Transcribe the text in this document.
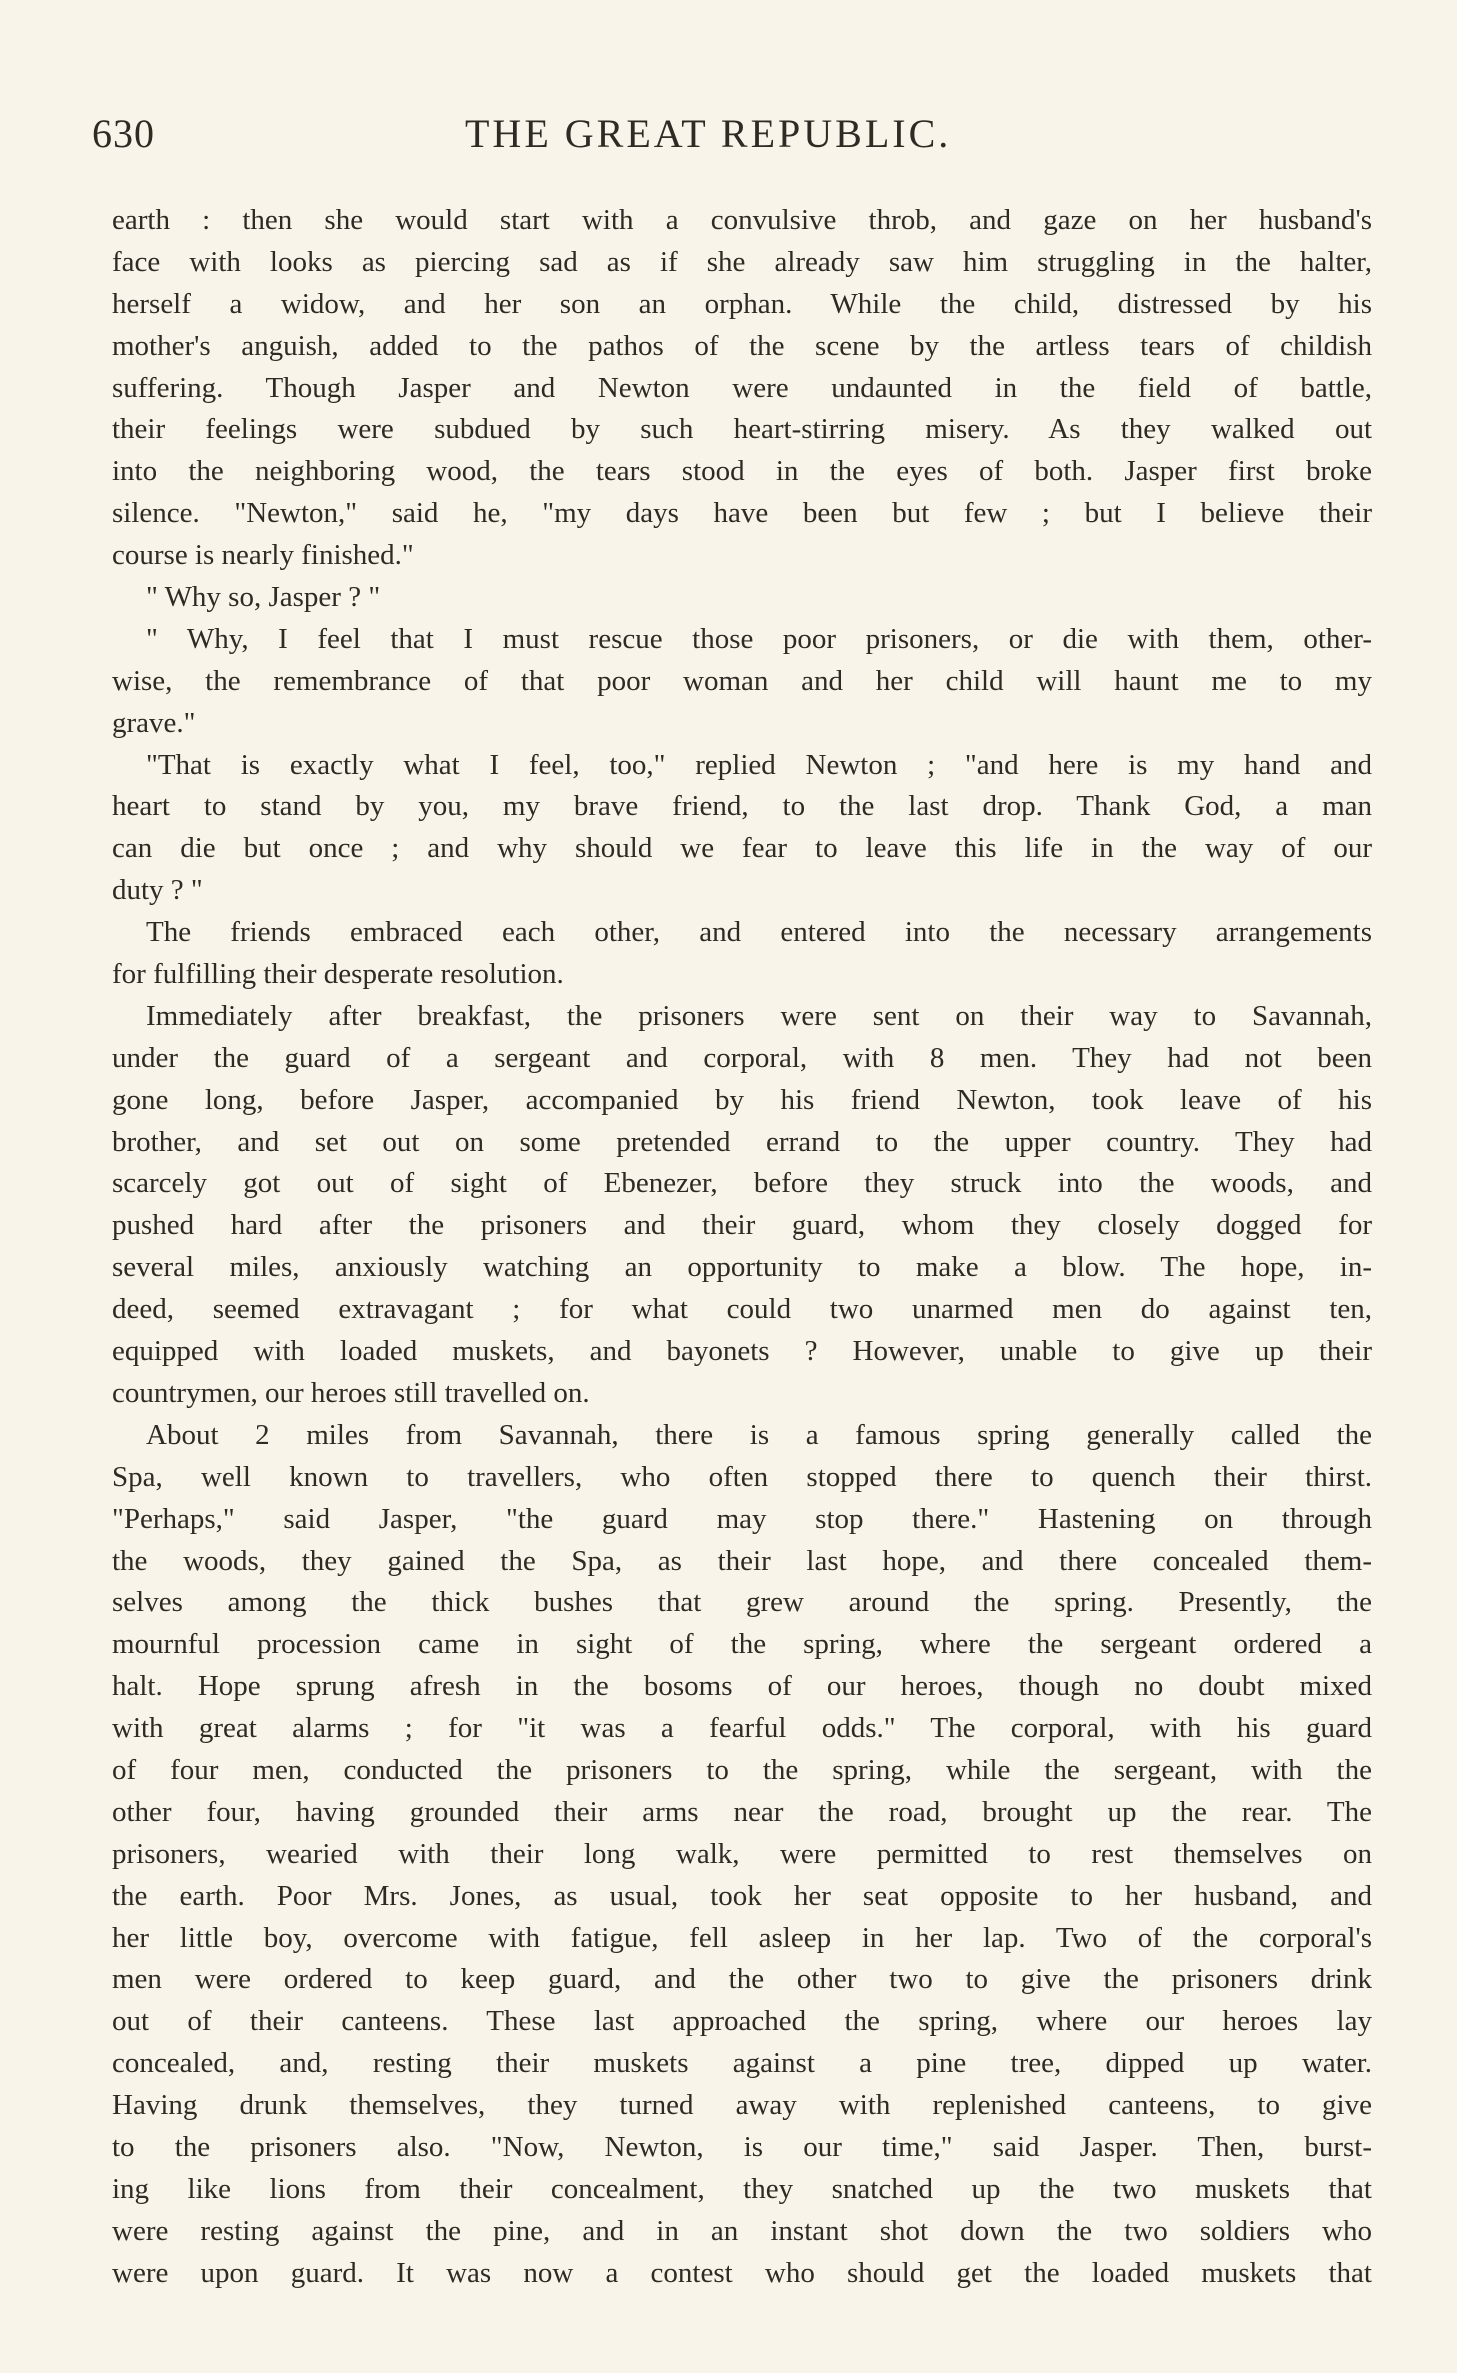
630	THE GREAT REPUBLIC.
earth : then she would start with a convulsive throb, and gaze on her husband's
face with looks as piercing sad as if she already saw him struggling in the halter,
herself a widow, and her son an orphan. While the child, distressed by his
mother's anguish, added to the pathos of the scene by the artless tears of childish
suffering. Though Jasper and Newton were undaunted in the field of battle,
their feelings were subdued by such heart-stirring misery. As they walked out
into the neighboring wood, the tears stood in the eyes of both. Jasper first broke
silence. "Newton," said he, "my days have been but few ; but I believe their
course is nearly finished."
" Why so, Jasper ? "
" Why, I feel that I must rescue those poor prisoners, or die with them, other-
wise, the remembrance of that poor woman and her child will haunt me to my
grave."
"That is exactly what I feel, too," replied Newton ; "and here is my hand and
heart to stand by you, my brave friend, to the last drop. Thank God, a man
can die but once ; and why should we fear to leave this life in the way of our
duty ? "
The friends embraced each other, and entered into the necessary arrangements
for fulfilling their desperate resolution.
Immediately after breakfast, the prisoners were sent on their way to Savannah,
under the guard of a sergeant and corporal, with 8 men. They had not been
gone long, before Jasper, accompanied by his friend Newton, took leave of his
brother, and set out on some pretended errand to the upper country. They had
scarcely got out of sight of Ebenezer, before they struck into the woods, and
pushed hard after the prisoners and their guard, whom they closely dogged for
several miles, anxiously watching an opportunity to make a blow. The hope, in-
deed, seemed extravagant ; for what could two unarmed men do against ten,
equipped with loaded muskets, and bayonets ? However, unable to give up their
countrymen, our heroes still travelled on.
About 2 miles from Savannah, there is a famous spring generally called the
Spa, well known to travellers, who often stopped there to quench their thirst.
"Perhaps," said Jasper, "the guard may stop there." Hastening on through
the woods, they gained the Spa, as their last hope, and there concealed them-
selves among the thick bushes that grew around the spring. Presently, the
mournful procession came in sight of the spring, where the sergeant ordered a
halt. Hope sprung afresh in the bosoms of our heroes, though no doubt mixed
with great alarms ; for "it was a fearful odds." The corporal, with his guard
of four men, conducted the prisoners to the spring, while the sergeant, with the
other four, having grounded their arms near the road, brought up the rear. The
prisoners, wearied with their long walk, were permitted to rest themselves on
the earth. Poor Mrs. Jones, as usual, took her seat opposite to her husband, and
her little boy, overcome with fatigue, fell asleep in her lap. Two of the corporal's
men were ordered to keep guard, and the other two to give the prisoners drink
out of their canteens. These last approached the spring, where our heroes lay
concealed, and, resting their muskets against a pine tree, dipped up water.
Having drunk themselves, they turned away with replenished canteens, to give
to the prisoners also. "Now, Newton, is our time," said Jasper. Then, burst-
ing like lions from their concealment, they snatched up the two muskets that
were resting against the pine, and in an instant shot down the two soldiers who
were upon guard. It was now a contest who should get the loaded muskets that
